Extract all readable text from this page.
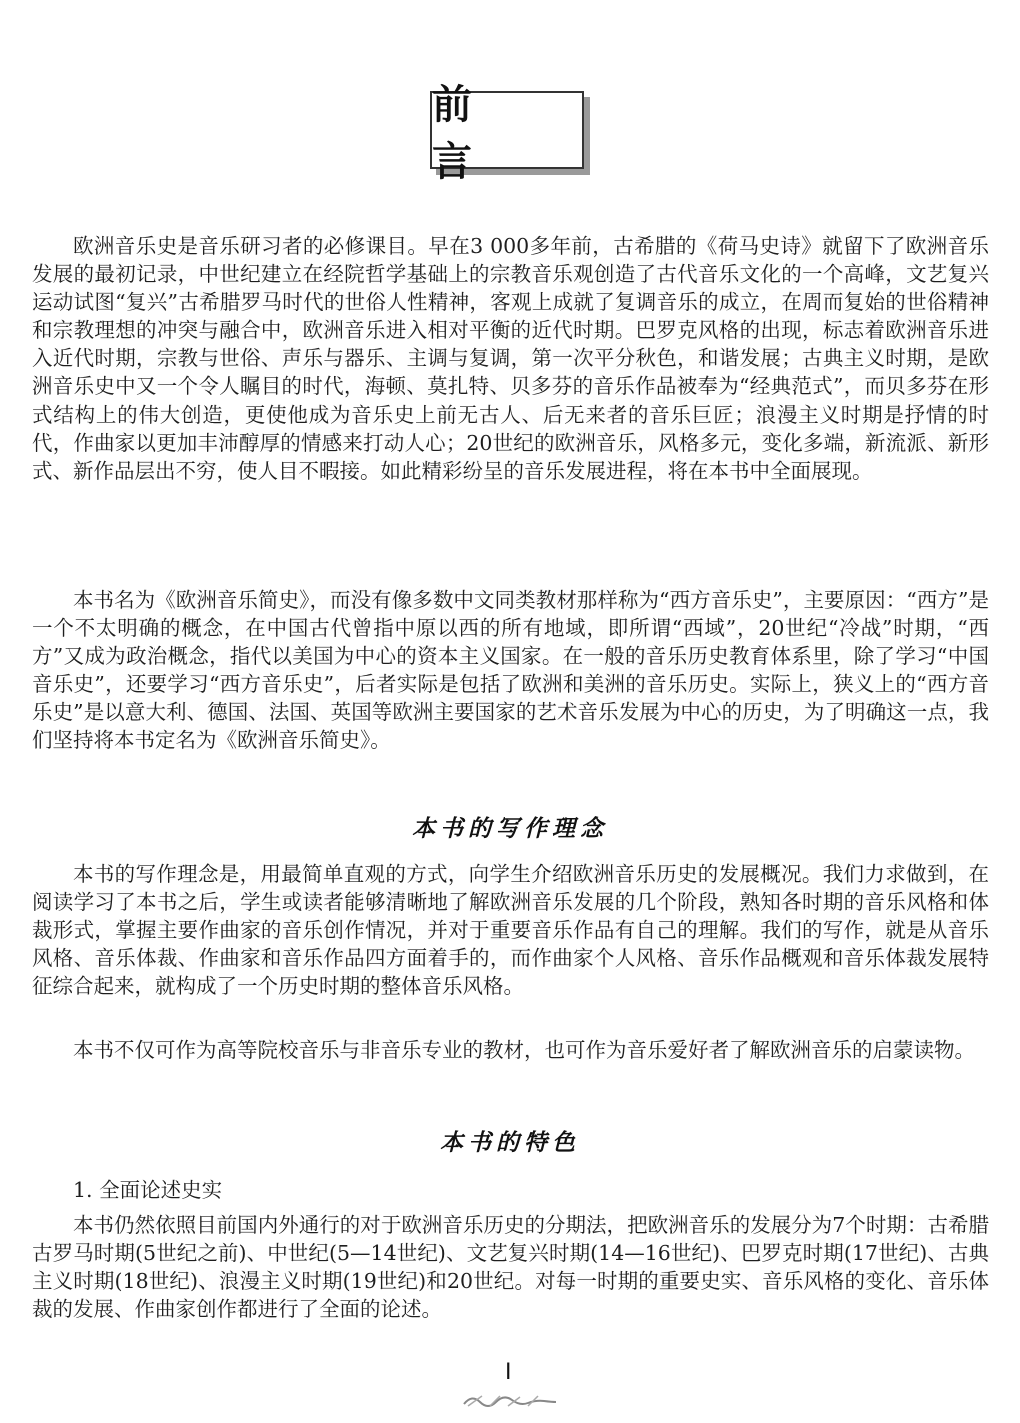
前 言

欧洲音乐史是音乐研习者的必修课目。早在3 000多年前，古希腊的《荷马史诗》就留下了欧洲音乐发展的最初记录，中世纪建立在经院哲学基础上的宗教音乐观创造了古代音乐文化的一个高峰，文艺复兴运动试图“复兴”古希腊罗马时代的世俗人性精神，客观上成就了复调音乐的成立，在周而复始的世俗精神和宗教理想的冲突与融合中，欧洲音乐进入相对平衡的近代时期。巴罗克风格的出现，标志着欧洲音乐进入近代时期，宗教与世俗、声乐与器乐、主调与复调，第一次平分秋色，和谐发展；古典主义时期，是欧洲音乐史中又一个令人瞩目的时代，海顿、莫扎特、贝多芬的音乐作品被奉为“经典范式”，而贝多芬在形式结构上的伟大创造，更使他成为音乐史上前无古人、后无来者的音乐巨匠；浪漫主义时期是抒情的时代，作曲家以更加丰沛醇厚的情感来打动人心；20世纪的欧洲音乐，风格多元，变化多端，新流派、新形式、新作品层出不穷，使人目不暇接。如此精彩纷呈的音乐发展进程，将在本书中全面展现。

本书名为《欧洲音乐简史》，而没有像多数中文同类教材那样称为“西方音乐史”，主要原因：“西方”是一个不太明确的概念，在中国古代曾指中原以西的所有地域，即所谓“西域”，20世纪“冷战”时期，“西方”又成为政治概念，指代以美国为中心的资本主义国家。在一般的音乐历史教育体系里，除了学习“中国音乐史”，还要学习“西方音乐史”，后者实际是包括了欧洲和美洲的音乐历史。实际上，狭义上的“西方音乐史”是以意大利、德国、法国、英国等欧洲主要国家的艺术音乐发展为中心的历史，为了明确这一点，我们坚持将本书定名为《欧洲音乐简史》。

本书的写作理念

本书的写作理念是，用最简单直观的方式，向学生介绍欧洲音乐历史的发展概况。我们力求做到，在阅读学习了本书之后，学生或读者能够清晰地了解欧洲音乐发展的几个阶段，熟知各时期的音乐风格和体裁形式，掌握主要作曲家的音乐创作情况，并对于重要音乐作品有自己的理解。我们的写作，就是从音乐风格、音乐体裁、作曲家和音乐作品四方面着手的，而作曲家个人风格、音乐作品概观和音乐体裁发展特征综合起来，就构成了一个历史时期的整体音乐风格。

本书不仅可作为高等院校音乐与非音乐专业的教材，也可作为音乐爱好者了解欧洲音乐的启蒙读物。

本书的特色

1. 全面论述史实

本书仍然依照目前国内外通行的对于欧洲音乐历史的分期法，把欧洲音乐的发展分为7个时期：古希腊古罗马时期(5世纪之前)、中世纪(5—14世纪)、文艺复兴时期(14—16世纪)、巴罗克时期(17世纪)、古典主义时期(18世纪)、浪漫主义时期(19世纪)和20世纪。对每一时期的重要史实、音乐风格的变化、音乐体裁的发展、作曲家创作都进行了全面的论述。

I
